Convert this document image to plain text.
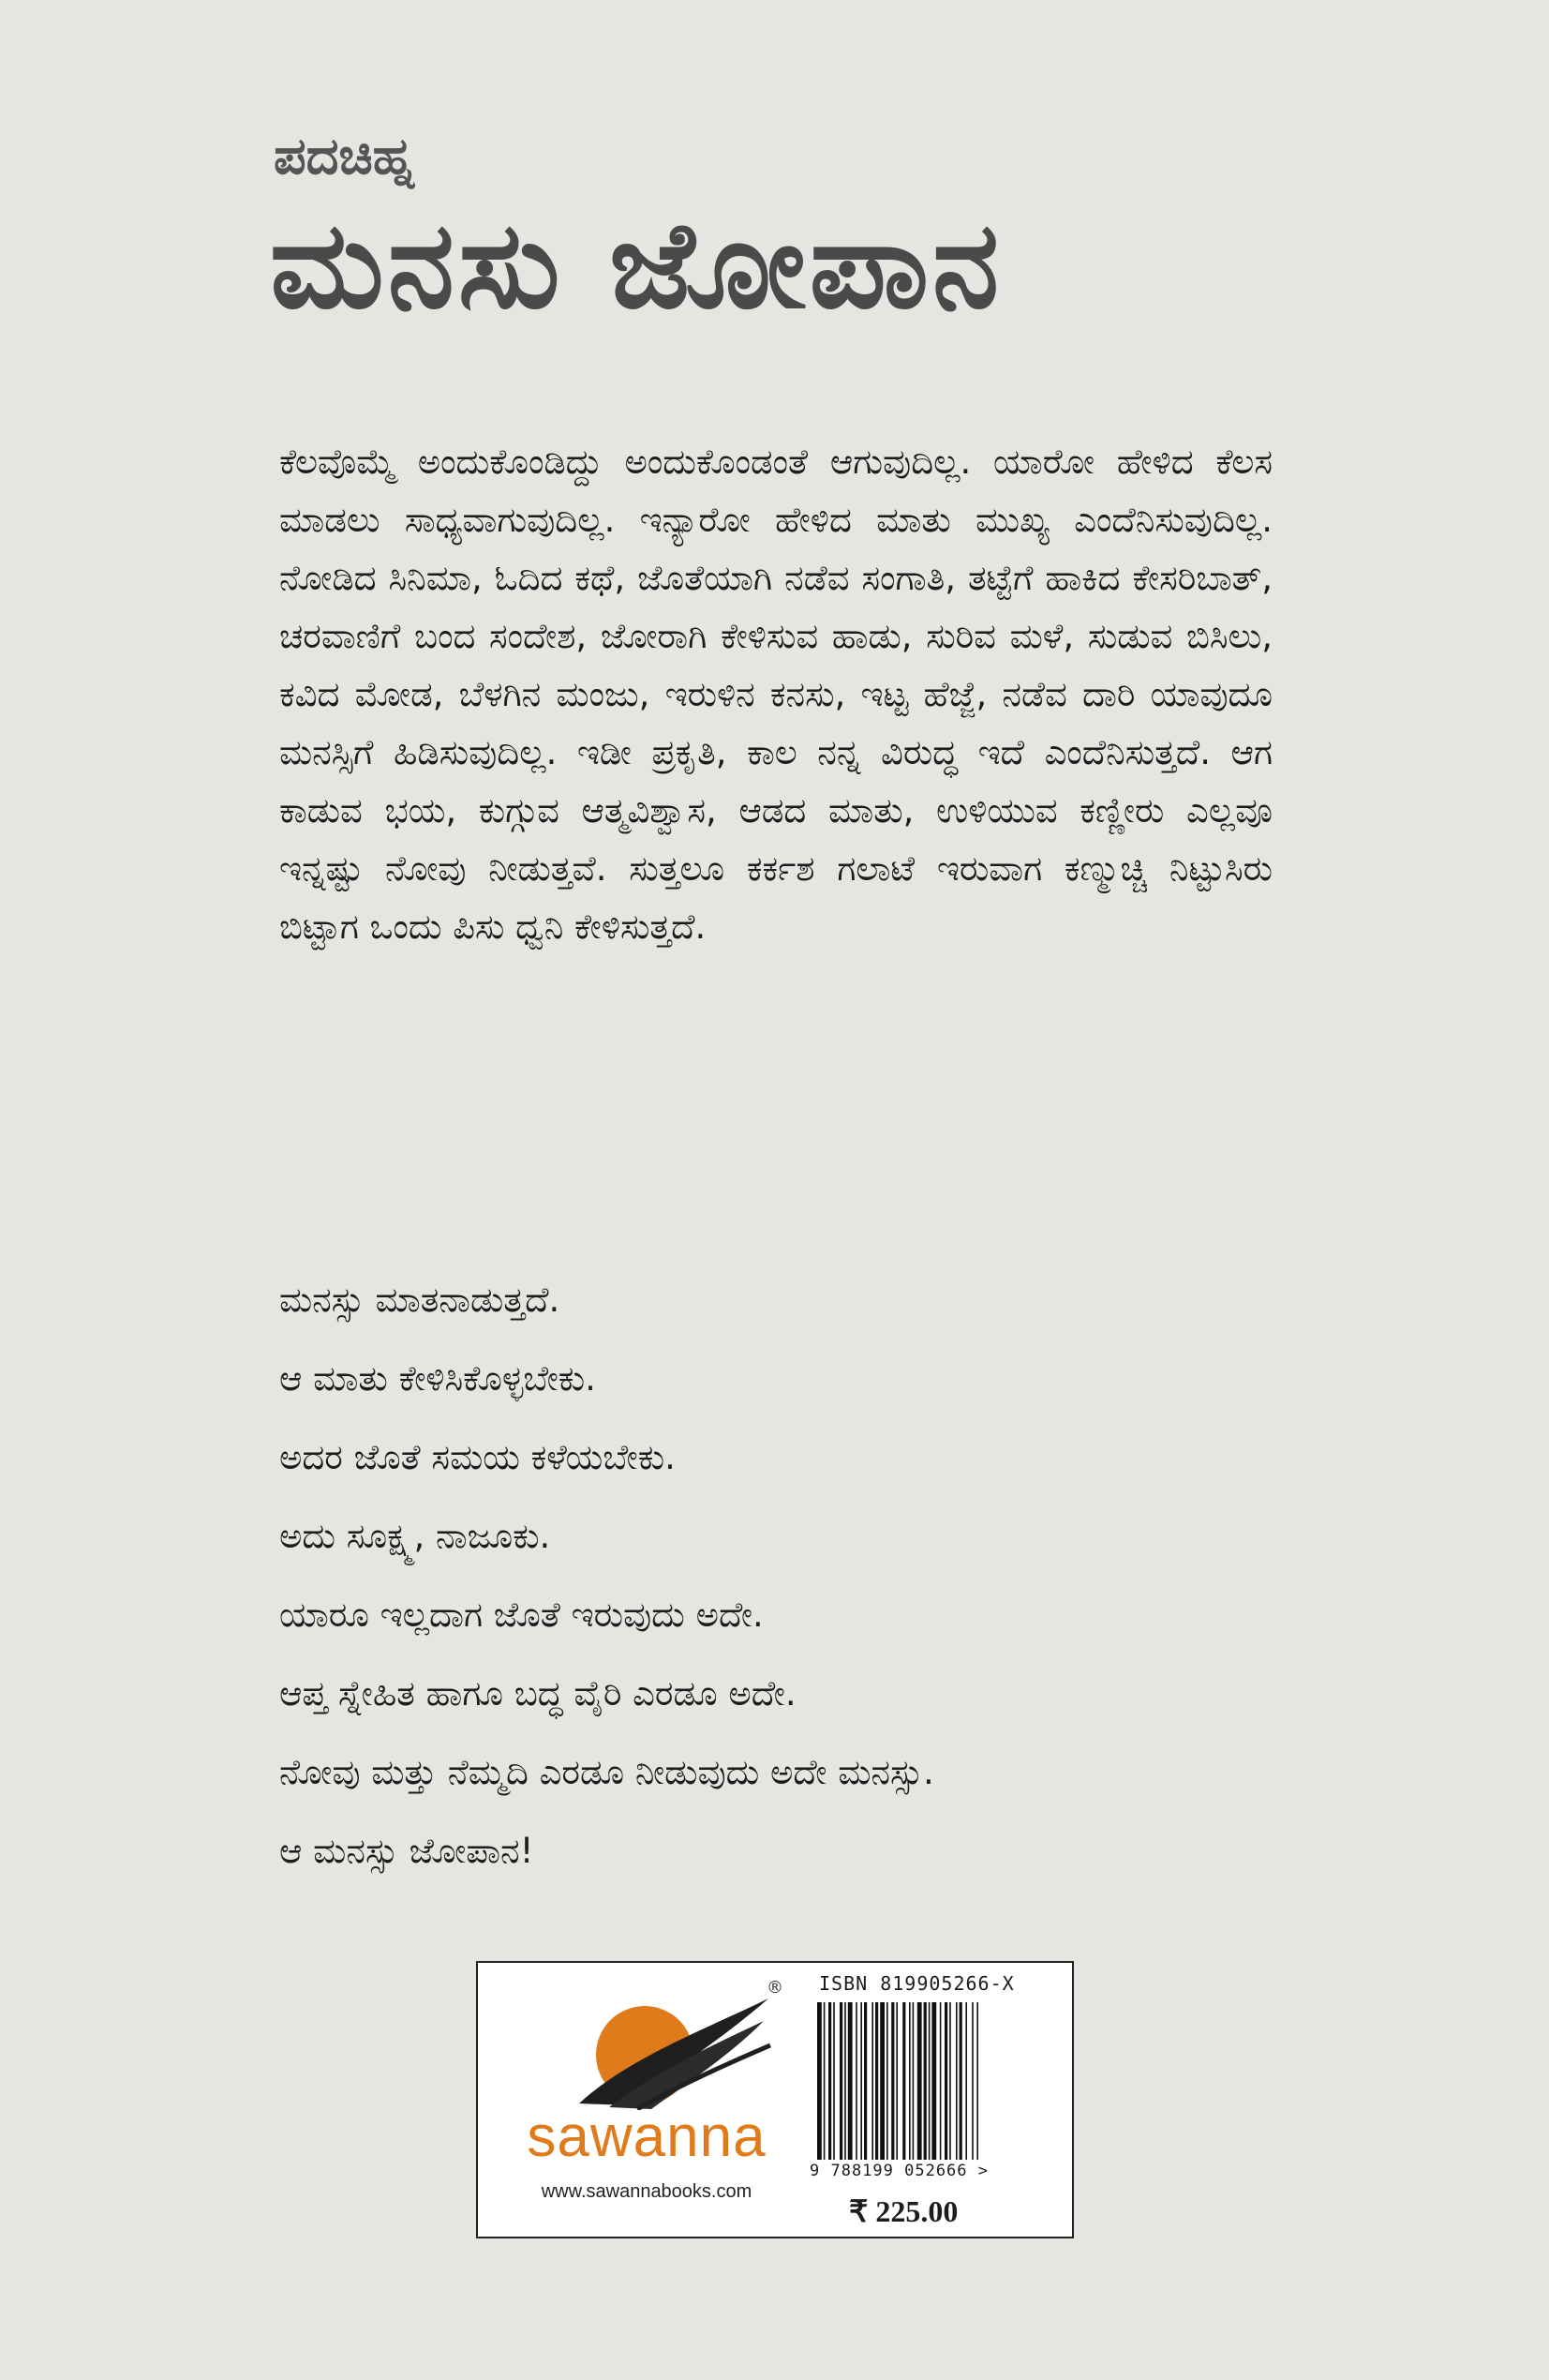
ಪದಚಿಹ್ನ
ಮನಸು ಜೋಪಾನ
ಕೆಲವೊಮ್ಮೆ ಅಂದುಕೊಂಡಿದ್ದು ಅಂದುಕೊಂಡಂತೆ ಆಗುವುದಿಲ್ಲ. ಯಾರೋ ಹೇಳಿದ ಕೆಲಸ ಮಾಡಲು ಸಾಧ್ಯವಾಗುವುದಿಲ್ಲ. ಇನ್ಯಾರೋ ಹೇಳಿದ ಮಾತು ಮುಖ್ಯ ಎಂದೆನಿಸುವುದಿಲ್ಲ. ನೋಡಿದ ಸಿನಿಮಾ, ಓದಿದ ಕಥೆ, ಜೊತೆಯಾಗಿ ನಡೆವ ಸಂಗಾತಿ, ತಟ್ಟೆಗೆ ಹಾಕಿದ ಕೇಸರಿಬಾತ್, ಚರವಾಣಿಗೆ ಬಂದ ಸಂದೇಶ, ಜೋರಾಗಿ ಕೇಳಿಸುವ ಹಾಡು, ಸುರಿವ ಮಳೆ, ಸುಡುವ ಬಿಸಿಲು, ಕವಿದ ಮೋಡ, ಬೆಳಗಿನ ಮಂಜು, ಇರುಳಿನ ಕನಸು, ಇಟ್ಟ ಹೆಜ್ಜೆ, ನಡೆವ ದಾರಿ ಯಾವುದೂ ಮನಸ್ಸಿಗೆ ಹಿಡಿಸುವುದಿಲ್ಲ. ಇಡೀ ಪ್ರಕೃತಿ, ಕಾಲ ನನ್ನ ವಿರುದ್ಧ ಇದೆ ಎಂದೆನಿಸುತ್ತದೆ. ಆಗ ಕಾಡುವ ಭಯ, ಕುಗ್ಗುವ ಆತ್ಮವಿಶ್ವಾಸ, ಆಡದ ಮಾತು, ಉಳಿಯುವ ಕಣ್ಣೀರು ಎಲ್ಲವೂ ಇನ್ನಷ್ಟು ನೋವು ನೀಡುತ್ತವೆ. ಸುತ್ತಲೂ ಕರ್ಕಶ ಗಲಾಟೆ ಇರುವಾಗ ಕಣ್ಮುಚ್ಚಿ ನಿಟ್ಟುಸಿರು ಬಿಟ್ಟಾಗ ಒಂದು ಪಿಸು ಧ್ವನಿ ಕೇಳಿಸುತ್ತದೆ.
ಮನಸ್ಸು ಮಾತನಾಡುತ್ತದೆ.
ಆ ಮಾತು ಕೇಳಿಸಿಕೊಳ್ಳಬೇಕು.
ಅದರ ಜೊತೆ ಸಮಯ ಕಳೆಯಬೇಕು.
ಅದು ಸೂಕ್ಷ್ಮ, ನಾಜೂಕು.
ಯಾರೂ ಇಲ್ಲದಾಗ ಜೊತೆ ಇರುವುದು ಅದೇ.
ಆಪ್ತ ಸ್ನೇಹಿತ ಹಾಗೂ ಬದ್ಧ ವೈರಿ ಎರಡೂ ಅದೇ.
ನೋವು ಮತ್ತು ನೆಮ್ಮದಿ ಎರಡೂ ನೀಡುವುದು ಅದೇ ಮನಸ್ಸು.
ಆ ಮನಸ್ಸು ಜೋಪಾನ!
®
sawanna
www.sawannabooks.com
ISBN 819905266-X
9 788199 052666 >
₹ 225.00
